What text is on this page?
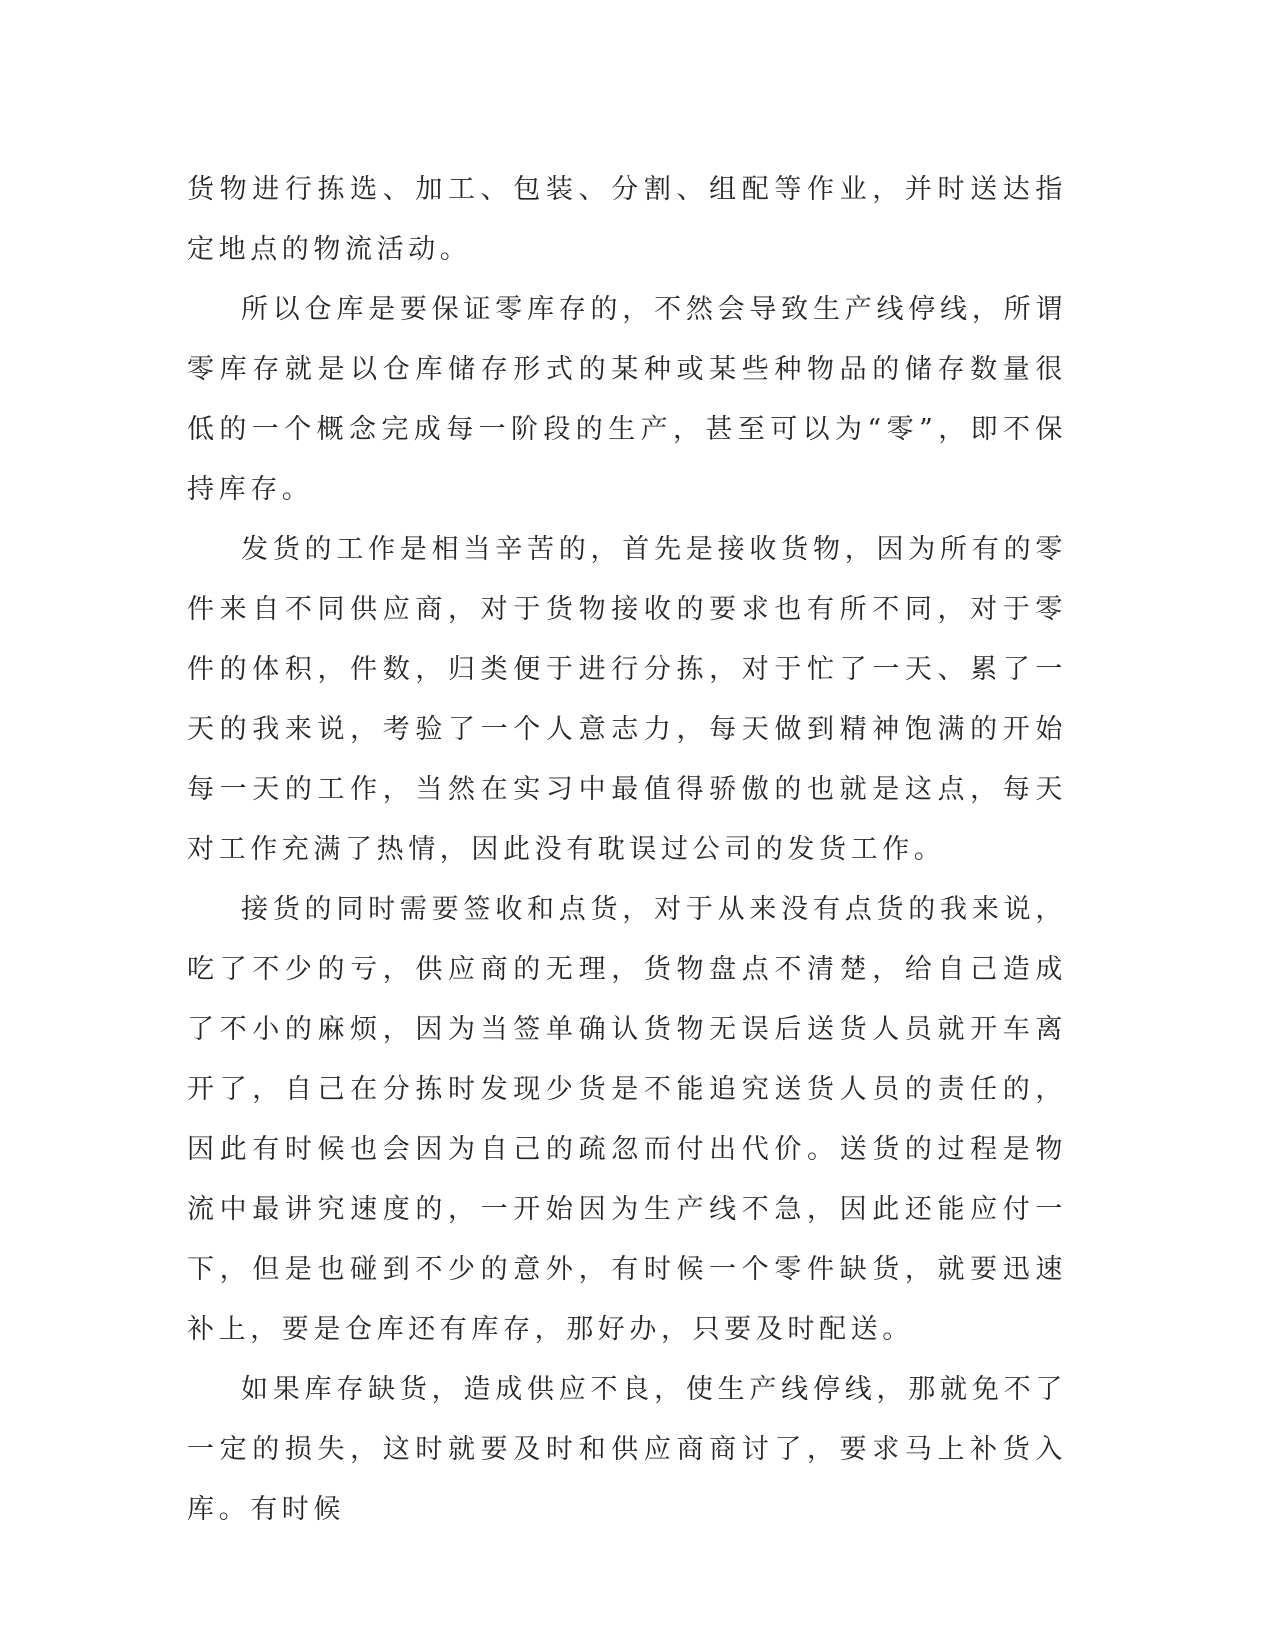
货物进行拣选、加工、包装、分割、组配等作业，并时送达指定地点的物流活动。

所以仓库是要保证零库存的，不然会导致生产线停线，所谓零库存就是以仓库储存形式的某种或某些种物品的储存数量很低的一个概念完成每一阶段的生产，甚至可以为“零”，即不保持库存。

发货的工作是相当辛苦的，首先是接收货物，因为所有的零件来自不同供应商，对于货物接收的要求也有所不同，对于零件的体积，件数，归类便于进行分拣，对于忙了一天、累了一天的我来说，考验了一个人意志力，每天做到精神饱满的开始每一天的工作，当然在实习中最值得骄傲的也就是这点，每天对工作充满了热情，因此没有耽误过公司的发货工作。

接货的同时需要签收和点货，对于从来没有点货的我来说，吃了不少的亏，供应商的无理，货物盘点不清楚，给自己造成了不小的麻烦，因为当签单确认货物无误后送货人员就开车离开了，自己在分拣时发现少货是不能追究送货人员的责任的，因此有时候也会因为自己的疏忽而付出代价。送货的过程是物流中最讲究速度的，一开始因为生产线不急，因此还能应付一下，但是也碰到不少的意外，有时候一个零件缺货，就要迅速补上，要是仓库还有库存，那好办，只要及时配送。

如果库存缺货，造成供应不良，使生产线停线，那就免不了一定的损失，这时就要及时和供应商商讨了，要求马上补货入库。有时候
